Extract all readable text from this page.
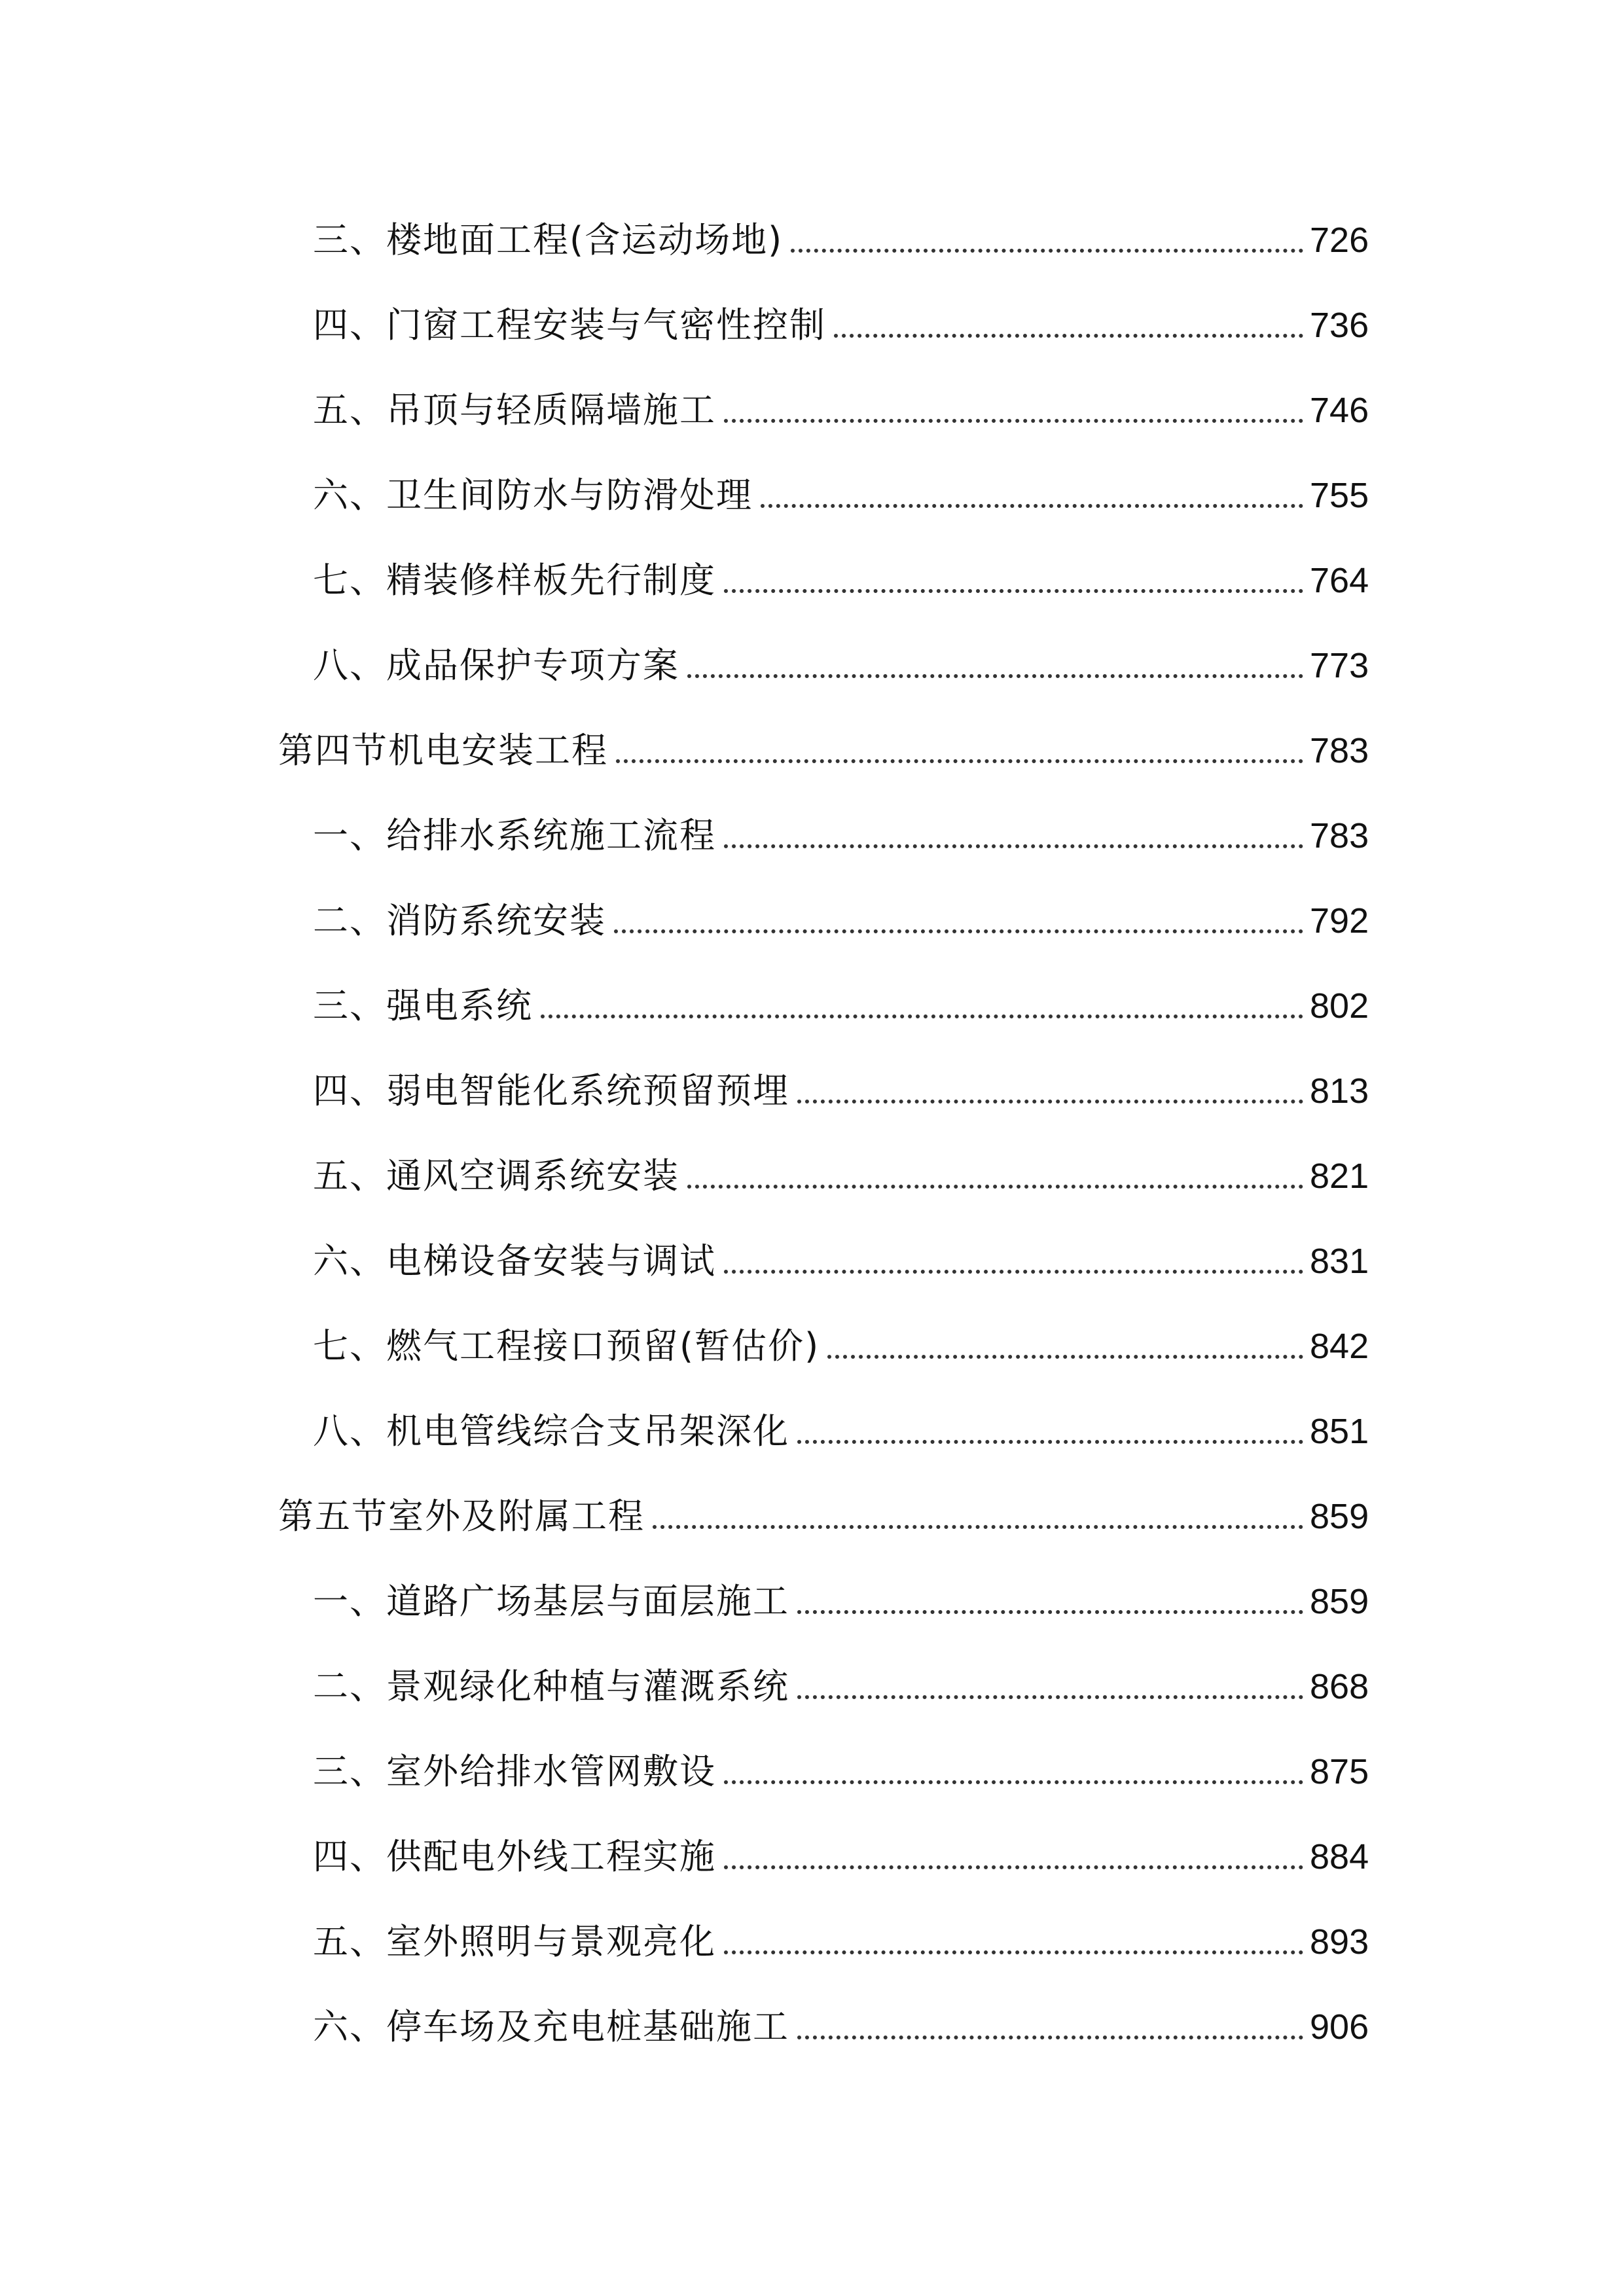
三、楼地面工程(含运动场地)	726
四、门窗工程安装与气密性控制	736
五、吊顶与轻质隔墙施工	746
六、卫生间防水与防滑处理	755
七、精装修样板先行制度	764
八、成品保护专项方案	773
第四节机电安装工程	783
一、给排水系统施工流程	783
二、消防系统安装	792
三、强电系统	802
四、弱电智能化系统预留预埋	813
五、通风空调系统安装	821
六、电梯设备安装与调试	831
七、燃气工程接口预留(暂估价)	842
八、机电管线综合支吊架深化	851
第五节室外及附属工程	859
一、道路广场基层与面层施工	859
二、景观绿化种植与灌溉系统	868
三、室外给排水管网敷设	875
四、供配电外线工程实施	884
五、室外照明与景观亮化	893
六、停车场及充电桩基础施工	906
